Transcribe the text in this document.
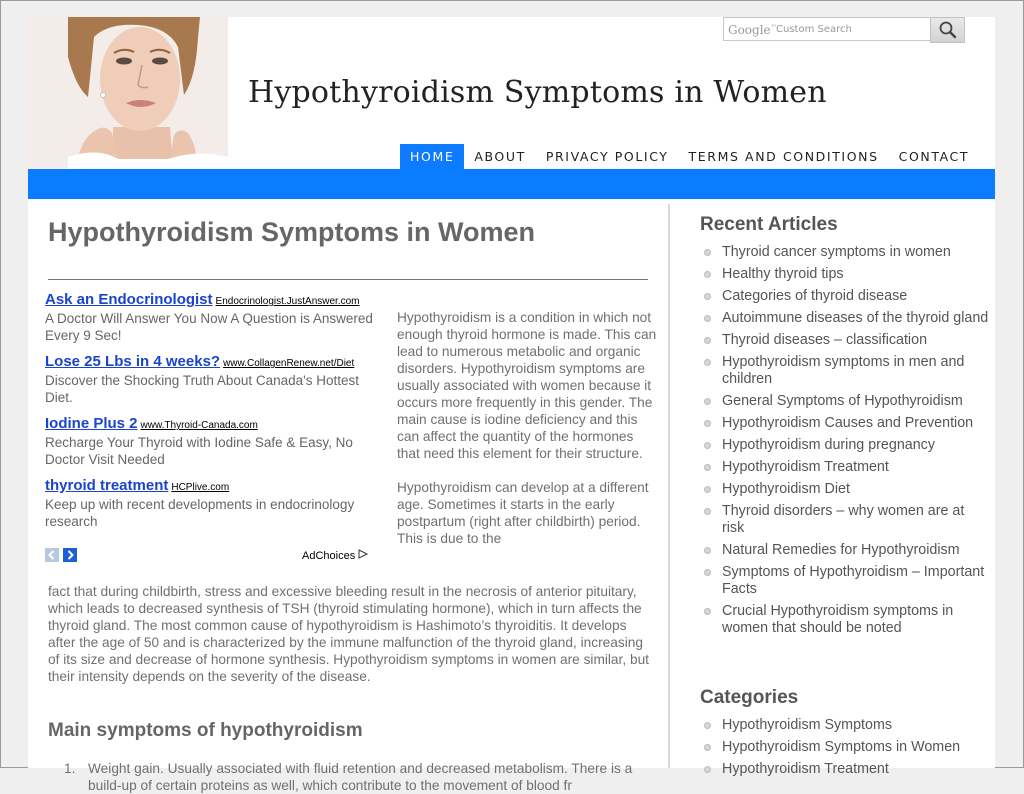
Hypothyroidism Symptoms in Women
Google™ Custom Search
HOME	ABOUT	PRIVACY POLICY	TERMS AND CONDITIONS	CONTACT
Hypothyroidism Symptoms in Women
Ask an Endocrinologist Endocrinologist.JustAnswer.com
A Doctor Will Answer You Now A Question is Answered Every 9 Sec!
Lose 25 Lbs in 4 weeks? www.CollagenRenew.net/Diet
Discover the Shocking Truth About Canada's Hottest Diet.
Iodine Plus 2 www.Thyroid-Canada.com
Recharge Your Thyroid with Iodine Safe & Easy, No Doctor Visit Needed
thyroid treatment HCPlive.com
Keep up with recent developments in endocrinology research
AdChoices

Hypothyroidism is a condition in which not enough thyroid hormone is made. This can lead to numerous metabolic and organic disorders. Hypothyroidism symptoms are usually associated with women because it occurs more frequently in this gender. The main cause is iodine deficiency and this can affect the quantity of the hormones that need this element for their structure.

Hypothyroidism can develop at a different age. Sometimes it starts in the early postpartum (right after childbirth) period. This is due to the

fact that during childbirth, stress and excessive bleeding result in the necrosis of anterior pituitary, which leads to decreased synthesis of TSH (thyroid stimulating hormone), which in turn affects the thyroid gland. The most common cause of hypothyroidism is Hashimoto’s thyroiditis. It develops after the age of 50 and is characterized by the immune malfunction of the thyroid gland, increasing of its size and decrease of hormone synthesis. Hypothyroidism symptoms in women are similar, but their intensity depends on the severity of the disease.

Main symptoms of hypothyroidism
1. Weight gain. Usually associated with fluid retention and decreased metabolism. There is a build-up of certain proteins as well, which contribute to the movement of blood fr
Recent Articles
Thyroid cancer symptoms in women
Healthy thyroid tips
Categories of thyroid disease
Autoimmune diseases of the thyroid gland
Thyroid diseases – classification
Hypothyroidism symptoms in men and children
General Symptoms of Hypothyroidism
Hypothyroidism Causes and Prevention
Hypothyroidism during pregnancy
Hypothyroidism Treatment
Hypothyroidism Diet
Thyroid disorders – why women are at risk
Natural Remedies for Hypothyroidism
Symptoms of Hypothyroidism – Important Facts
Crucial Hypothyroidism symptoms in women that should be noted
Categories
Hypothyroidism Symptoms
Hypothyroidism Symptoms in Women
Hypothyroidism Treatment
